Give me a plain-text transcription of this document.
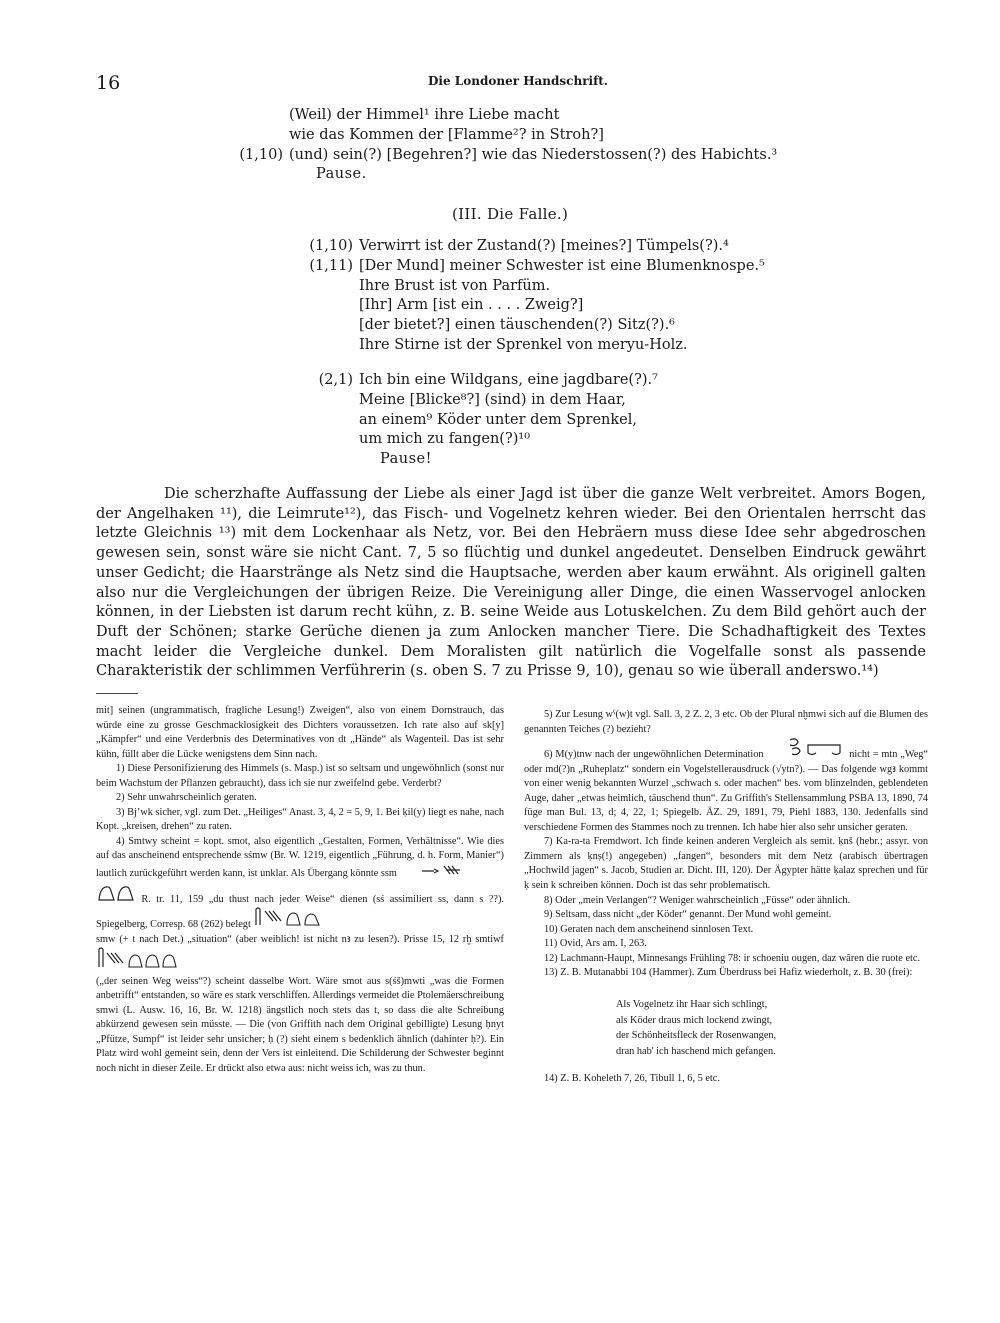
16	Die Londoner Handschrift.
(Weil) der Himmel¹ ihre Liebe macht
wie das Kommen der [Flamme²? in Stroh?]
(1,10) (und) sein(?) [Begehren?] wie das Niederstossen(?) des Habichts.³
Pause.
(III. Die Falle.)
(1,10) Verwirrt ist der Zustand(?) [meines?] Tümpels(?).⁴
(1,11) [Der Mund] meiner Schwester ist eine Blumenknospe.⁵
Ihre Brust ist von Parfüm.
[Ihr] Arm [ist ein . . . . Zweig?]
[der bietet?] einen täuschenden(?) Sitz(?).⁶
Ihre Stirne ist der Sprenkel von meryu-Holz.
(2,1) Ich bin eine Wildgans, eine jagdbare(?).⁷
Meine [Blicke⁸?] (sind) in dem Haar,
an einem⁹ Köder unter dem Sprenkel,
um mich zu fangen(?)¹⁰
Pause!

Die scherzhafte Auffassung der Liebe als einer Jagd ist über die ganze Welt verbreitet. Amors Bogen, der Angelhaken ¹¹), die Leimrute¹²), das Fisch- und Vogelnetz kehren wieder. Bei den Orientalen herrscht das letzte Gleichnis ¹³) mit dem Lockenhaar als Netz, vor. Bei den Hebräern muss diese Idee sehr abgedroschen gewesen sein, sonst wäre sie nicht Cant. 7, 5 so flüchtig und dunkel angedeutet. Denselben Eindruck gewährt unser Gedicht; die Haarstränge als Netz sind die Hauptsache, werden aber kaum erwähnt. Als originell galten also nur die Vergleichungen der übrigen Reize. Die Vereinigung aller Dinge, die einen Wasservogel anlocken können, in der Liebsten ist darum recht kühn, z. B. seine Weide aus Lotuskelchen. Zu dem Bild gehört auch der Duft der Schönen; starke Gerüche dienen ja zum Anlocken mancher Tiere. Die Schadhaftigkeit des Textes macht leider die Vergleiche dunkel. Dem Moralisten gilt natürlich die Vogelfalle sonst als passende Charakteristik der schlimmen Verführerin (s. oben S. 7 zu Prisse 9, 10), genau so wie überall anderswo.¹⁴)

mit] seinen (ungrammatisch, fragliche Lesung!) Zweigen“, also von einem Dornstrauch, das würde eine zu grosse Geschmacklosigkeit des Dichters voraussetzen. Ich rate also auf sk[y] „Kämpfer“ und eine Verderbnis des Determinatives von dt „Hände“ als Wagenteil. Das ist sehr kühn, füllt aber die Lücke wenigstens dem Sinn nach.

1) Diese Personifizierung des Himmels (s. Masp.) ist so seltsam und ungewöhnlich (sonst nur beim Wachstum der Pflanzen gebraucht), dass ich sie nur zweifelnd gebe. Verderbt?

2) Sehr unwahrscheinlich geraten.

3) Bj’wk sicher, vgl. zum Det. „Heiliges“ Anast. 3, 4, 2 = 5, 9, 1. Bei ḳil(y) liegt es nahe, nach Kopt. „kreisen, drehen“ zu raten.

4) Smtwy scheint = kopt. smot, also eigentlich „Gestalten, Formen, Verhältnisse“. Wie dies auf das anscheinend entsprechende sśmw (Br. W. 1219, eigentlich „Führung, d. h. Form, Manier“) lautlich zurückgeführt werden kann, ist unklar. Als Übergang könnte ssm

R. tr. 11, 159 „du thust nach jeder Weise“ dienen (sś assimiliert ss, dann s ??). Spiegelberg, Corresp. 68 (262) belegt

smw (+ t nach Det.) „situation“ (aber weiblich! ist nicht nꜣ zu lesen?). Prisse 15, 12 rḫ smtiwf

(„der seinen Weg weiss“?) scheint dasselbe Wort. Wäre smot aus s(śš)mwti „was die Formen anbetrifft“ entstanden, so wäre es stark verschliffen. Allerdings vermeidet die Ptolemäerschreibung smwi (L. Ausw. 16, 16, Br. W. 1218) ängstlich noch stets das t, so dass die alte Schreibung abkürzend gewesen sein müsste. — Die (von Griffith nach dem Original gebilligte) Lesung ḥnyt „Pfütze, Sumpf“ ist leider sehr unsicher; ḥ (?) sieht einem s bedenklich ähnlich (dahinter ḥ?). Ein Platz wird wohl gemeint sein, denn der Vers ist einleitend. Die Schilderung der Schwester beginnt noch nicht in dieser Zeile. Er drückt also etwa aus: nicht weiss ich, was zu thun.

5) Zur Lesung wˁ(w)t vgl. Sall. 3, 2 Z. 2, 3 etc. Ob der Plural nḫmwi sich auf die Blumen des genannten Teiches (?) bezieht?

6) M(y)tnw nach der ungewöhnlichen Determination	nicht = mtn „Weg“ oder md(?)n „Ruheplatz“ sondern ein Vogelstellerausdruck (√ytn?). — Das folgende wgꜣ kommt von einer wenig bekannten Wurzel „schwach s. oder machen“ bes. vom blinzelnden, geblendeten Auge, daher „etwas heimlich, täuschend thun“. Zu Griffith's Stellensammlung PSBA 13, 1890, 74 füge man Bul. 13, d; 4, 22, 1; Spiegelb. ÄZ. 29, 1891, 79, Piehl 1883, 130. Jedenfalls sind verschiedene Formen des Stammes noch zu trennen. Ich habe hier also sehr unsicher geraten.

7) Ka-ra-ta Fremdwort. Ich finde keinen anderen Vergleich als semit. ḳnš (hebr.; assyr. von Zimmern als ḳnṣ(!) angegeben) „fangen“, besonders mit dem Netz (arabisch übertragen „Hochwild jagen“ s. Jacob, Studien ar. Dicht. III, 120). Der Ägypter hätte ḳalaz sprechen und für ḳ sein k schreiben können. Doch ist das sehr problematisch.

8) Oder „mein Verlangen“? Weniger wahrscheinlich „Füsse“ oder ähnlich.

9) Seltsam, dass nicht „der Köder“ genannt. Der Mund wohl gemeint.

10) Geraten nach dem anscheinend sinnlosen Text.

11) Ovid, Ars am. I, 263.

12) Lachmann-Haupt, Minnesangs Frühling 78: ir schoeniu ougen, daz wâren die ruote etc.

13) Z. B. Mutanabbi 104 (Hammer). Zum Überdruss bei Hafiz wiederholt, z. B. 30 (frei):

Als Vogelnetz ihr Haar sich schlingt,
als Köder draus mich lockend zwingt,
der Schönheitsfleck der Rosenwangen,
dran hab' ich haschend mich gefangen.

14) Z. B. Koheleth 7, 26, Tibull 1, 6, 5 etc.
